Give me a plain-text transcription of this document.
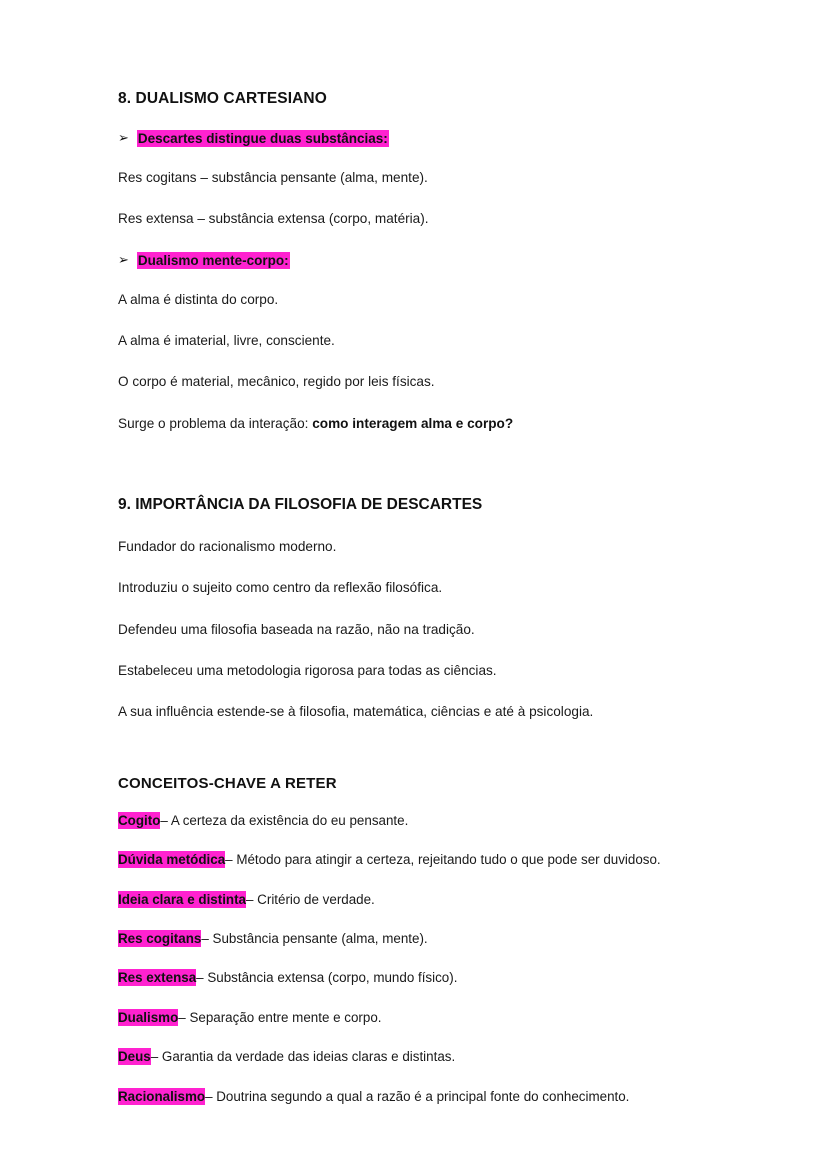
8. DUALISMO CARTESIANO
➢ Descartes distingue duas substâncias:

Res cogitans – substância pensante (alma, mente).

Res extensa – substância extensa (corpo, matéria).

➢ Dualismo mente-corpo:

A alma é distinta do corpo.

A alma é imaterial, livre, consciente.

O corpo é material, mecânico, regido por leis físicas.

Surge o problema da interação: como interagem alma e corpo?

9. IMPORTÂNCIA DA FILOSOFIA DE DESCARTES

Fundador do racionalismo moderno.

Introduziu o sujeito como centro da reflexão filosófica.

Defendeu uma filosofia baseada na razão, não na tradição.

Estabeleceu uma metodologia rigorosa para todas as ciências.

A sua influência estende-se à filosofia, matemática, ciências e até à psicologia.

CONCEITOS-CHAVE A RETER

Cogito– A certeza da existência do eu pensante.

Dúvida metódica– Método para atingir a certeza, rejeitando tudo o que pode ser duvidoso.

Ideia clara e distinta– Critério de verdade.

Res cogitans– Substância pensante (alma, mente).

Res extensa– Substância extensa (corpo, mundo físico).

Dualismo– Separação entre mente e corpo.

Deus– Garantia da verdade das ideias claras e distintas.

Racionalismo– Doutrina segundo a qual a razão é a principal fonte do conhecimento.
